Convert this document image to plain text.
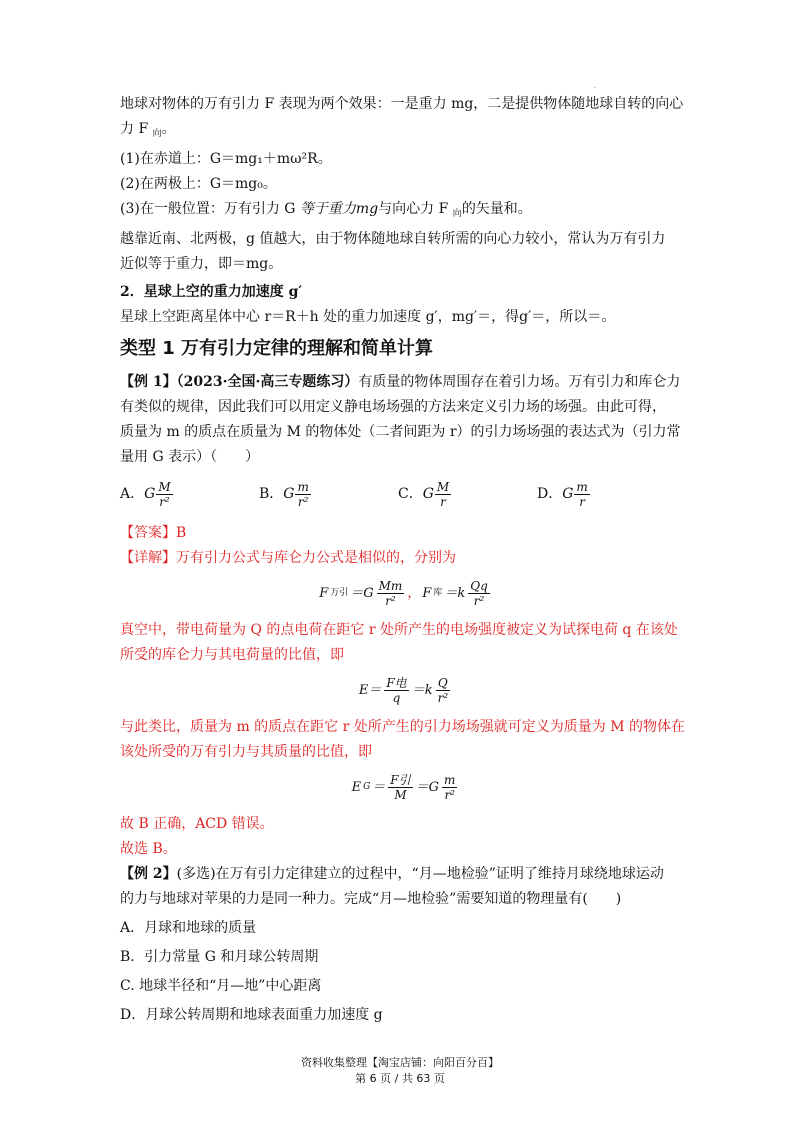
.
地球对物体的万有引力 F 表现为两个效果：一是重力 mg，二是提供物体随地球自转的向心
力 F $_向$。
(1)在赤道上：G＝mg₁＋mω²R。
(2)在两极上：G＝mg₀。
(3)在一般位置：万有引力 G 等于重力mg与向心力 F $_向$的矢量和。
越靠近南、北两极，g 值越大，由于物体随地球自转所需的向心力较小，常认为万有引力
近似等于重力，即＝mg。
2．星球上空的重力加速度 g′
星球上空距离星体中心 r＝R＋h 处的重力加速度 g′，mg′＝，得g′＝，所以＝。
类型 1 万有引力定律的理解和简单计算
【例 1】（2023·全国·高三专题练习）有质量的物体周围存在着引力场。万有引力和库仑力
有类似的规律，因此我们可以用定义静电场场强的方法来定义引力场的场强。由此可得，
质量为 m 的质点在质量为 M 的物体处（二者间距为 r）的引力场场强的表达式为（引力常
量用 G 表示）（　　）
A． G $\frac{M}{\text{r²}}$	B． G $\frac{m}{\text{r²}}$	C． G $\frac{M}{r}$	D． G $\frac{m}{r}$
【答案】B
【详解】万有引力公式与库仑力公式是相似的，分别为
F 万引 $=G \frac{Mm}{\text{r²}}$ ， F 库 $=k \frac{Qq}{\text{r²}}$
真空中，带电荷量为 Q 的点电荷在距它 r 处所产生的电场强度被定义为试探电荷 q 在该处
所受的库仑力与其电荷量的比值，即
$E= \frac{\text{F电}}{q} =k \frac{Q}{\text{r²}}$
与此类比，质量为 m 的质点在距它 r 处所产生的引力场场强就可定义为质量为 M 的物体在
该处所受的万有引力与其质量的比值，即
E $G = \frac{\text{F引}}{M} =G \frac{m}{\text{r²}}$
故 B 正确，ACD 错误。
故选 B。
【例 2】(多选)在万有引力定律建立的过程中，“月—地检验”证明了维持月球绕地球运动
的力与地球对苹果的力是同一种力。完成“月—地检验”需要知道的物理量有(　　)
A．月球和地球的质量
B．引力常量 G 和月球公转周期
C. 地球半径和“月—地”中心距离
D．月球公转周期和地球表面重力加速度 g
资料收集整理【淘宝店铺：向阳百分百】
第 6 页 / 共 63 页
